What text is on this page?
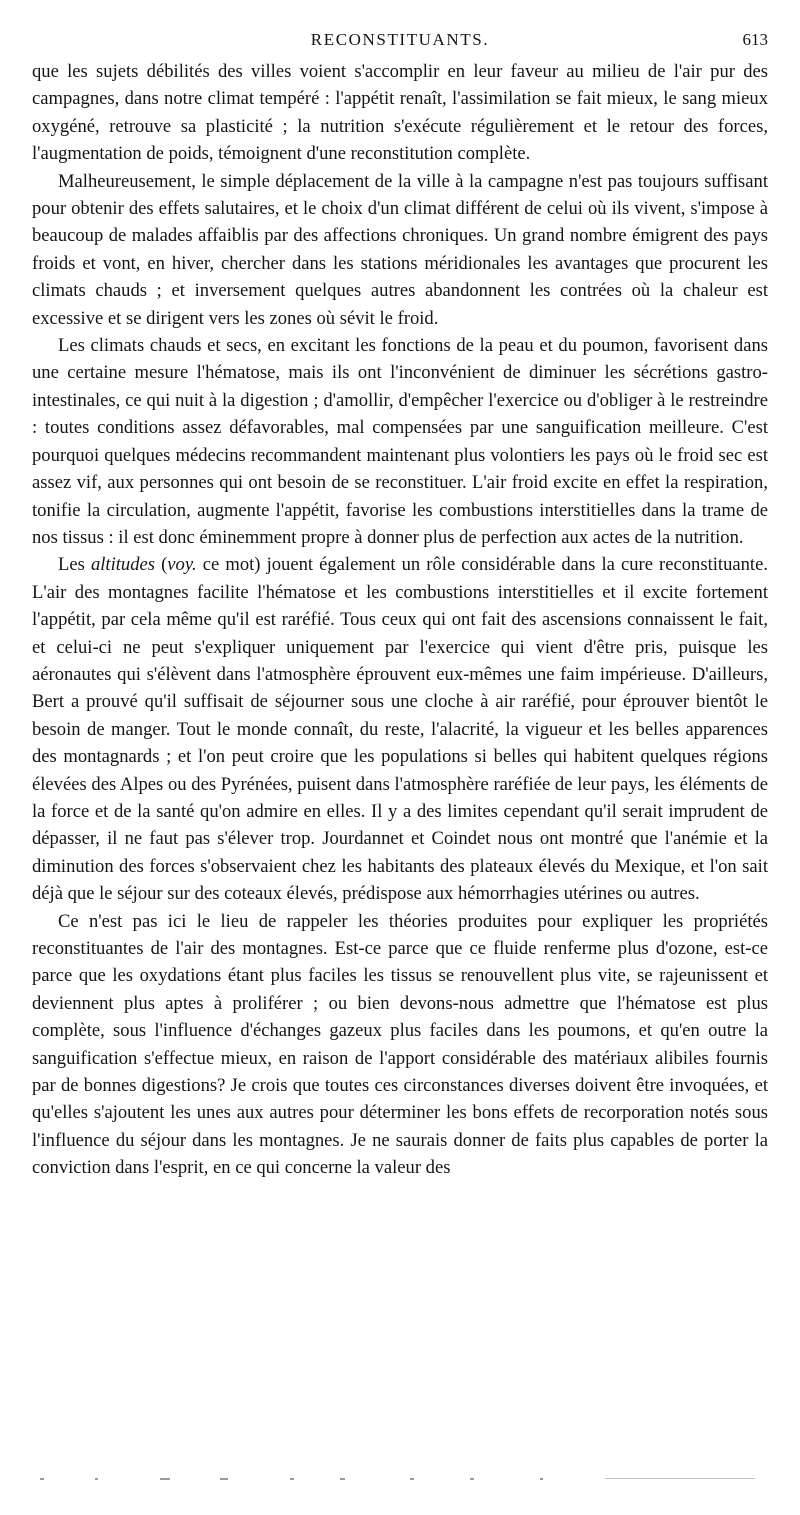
RECONSTITUANTS.	613

que les sujets débilités des villes voient s'accomplir en leur faveur au milieu de l'air pur des campagnes, dans notre climat tempéré : l'appétit renaît, l'assimilation se fait mieux, le sang mieux oxygéné, retrouve sa plasticité ; la nutrition s'exécute régulièrement et le retour des forces, l'augmentation de poids, témoignent d'une reconstitution complète.

Malheureusement, le simple déplacement de la ville à la campagne n'est pas toujours suffisant pour obtenir des effets salutaires, et le choix d'un climat différent de celui où ils vivent, s'impose à beaucoup de malades affaiblis par des affections chroniques. Un grand nombre émigrent des pays froids et vont, en hiver, chercher dans les stations méridionales les avantages que procurent les climats chauds ; et inversement quelques autres abandonnent les contrées où la chaleur est excessive et se dirigent vers les zones où sévit le froid.

Les climats chauds et secs, en excitant les fonctions de la peau et du poumon, favorisent dans une certaine mesure l'hématose, mais ils ont l'inconvénient de diminuer les sécrétions gastro-intestinales, ce qui nuit à la digestion ; d'amollir, d'empêcher l'exercice ou d'obliger à le restreindre : toutes conditions assez défavorables, mal compensées par une sanguification meilleure. C'est pourquoi quelques médecins recommandent maintenant plus volontiers les pays où le froid sec est assez vif, aux personnes qui ont besoin de se reconstituer. L'air froid excite en effet la respiration, tonifie la circulation, augmente l'appétit, favorise les combustions interstitielles dans la trame de nos tissus : il est donc éminemment propre à donner plus de perfection aux actes de la nutrition.

Les altitudes (voy. ce mot) jouent également un rôle considérable dans la cure reconstituante. L'air des montagnes facilite l'hématose et les combustions interstitielles et il excite fortement l'appétit, par cela même qu'il est raréfié. Tous ceux qui ont fait des ascensions connaissent le fait, et celui-ci ne peut s'expliquer uniquement par l'exercice qui vient d'être pris, puisque les aéronautes qui s'élèvent dans l'atmosphère éprouvent eux-mêmes une faim impérieuse. D'ailleurs, Bert a prouvé qu'il suffisait de séjourner sous une cloche à air raréfié, pour éprouver bientôt le besoin de manger. Tout le monde connaît, du reste, l'alacrité, la vigueur et les belles apparences des montagnards ; et l'on peut croire que les populations si belles qui habitent quelques régions élevées des Alpes ou des Pyrénées, puisent dans l'atmosphère raréfiée de leur pays, les éléments de la force et de la santé qu'on admire en elles. Il y a des limites cependant qu'il serait imprudent de dépasser, il ne faut pas s'élever trop. Jourdannet et Coindet nous ont montré que l'anémie et la diminution des forces s'observaient chez les habitants des plateaux élevés du Mexique, et l'on sait déjà que le séjour sur des coteaux élevés, prédispose aux hémorrhagies utérines ou autres.

Ce n'est pas ici le lieu de rappeler les théories produites pour expliquer les propriétés reconstituantes de l'air des montagnes. Est-ce parce que ce fluide renferme plus d'ozone, est-ce parce que les oxydations étant plus faciles les tissus se renouvellent plus vite, se rajeunissent et deviennent plus aptes à proliférer ; ou bien devons-nous admettre que l'hématose est plus complète, sous l'influence d'échanges gazeux plus faciles dans les poumons, et qu'en outre la sanguification s'effectue mieux, en raison de l'apport considérable des matériaux alibiles fournis par de bonnes digestions? Je crois que toutes ces circonstances diverses doivent être invoquées, et qu'elles s'ajoutent les unes aux autres pour déterminer les bons effets de recorporation notés sous l'influence du séjour dans les montagnes. Je ne saurais donner de faits plus capables de porter la conviction dans l'esprit, en ce qui concerne la valeur des
